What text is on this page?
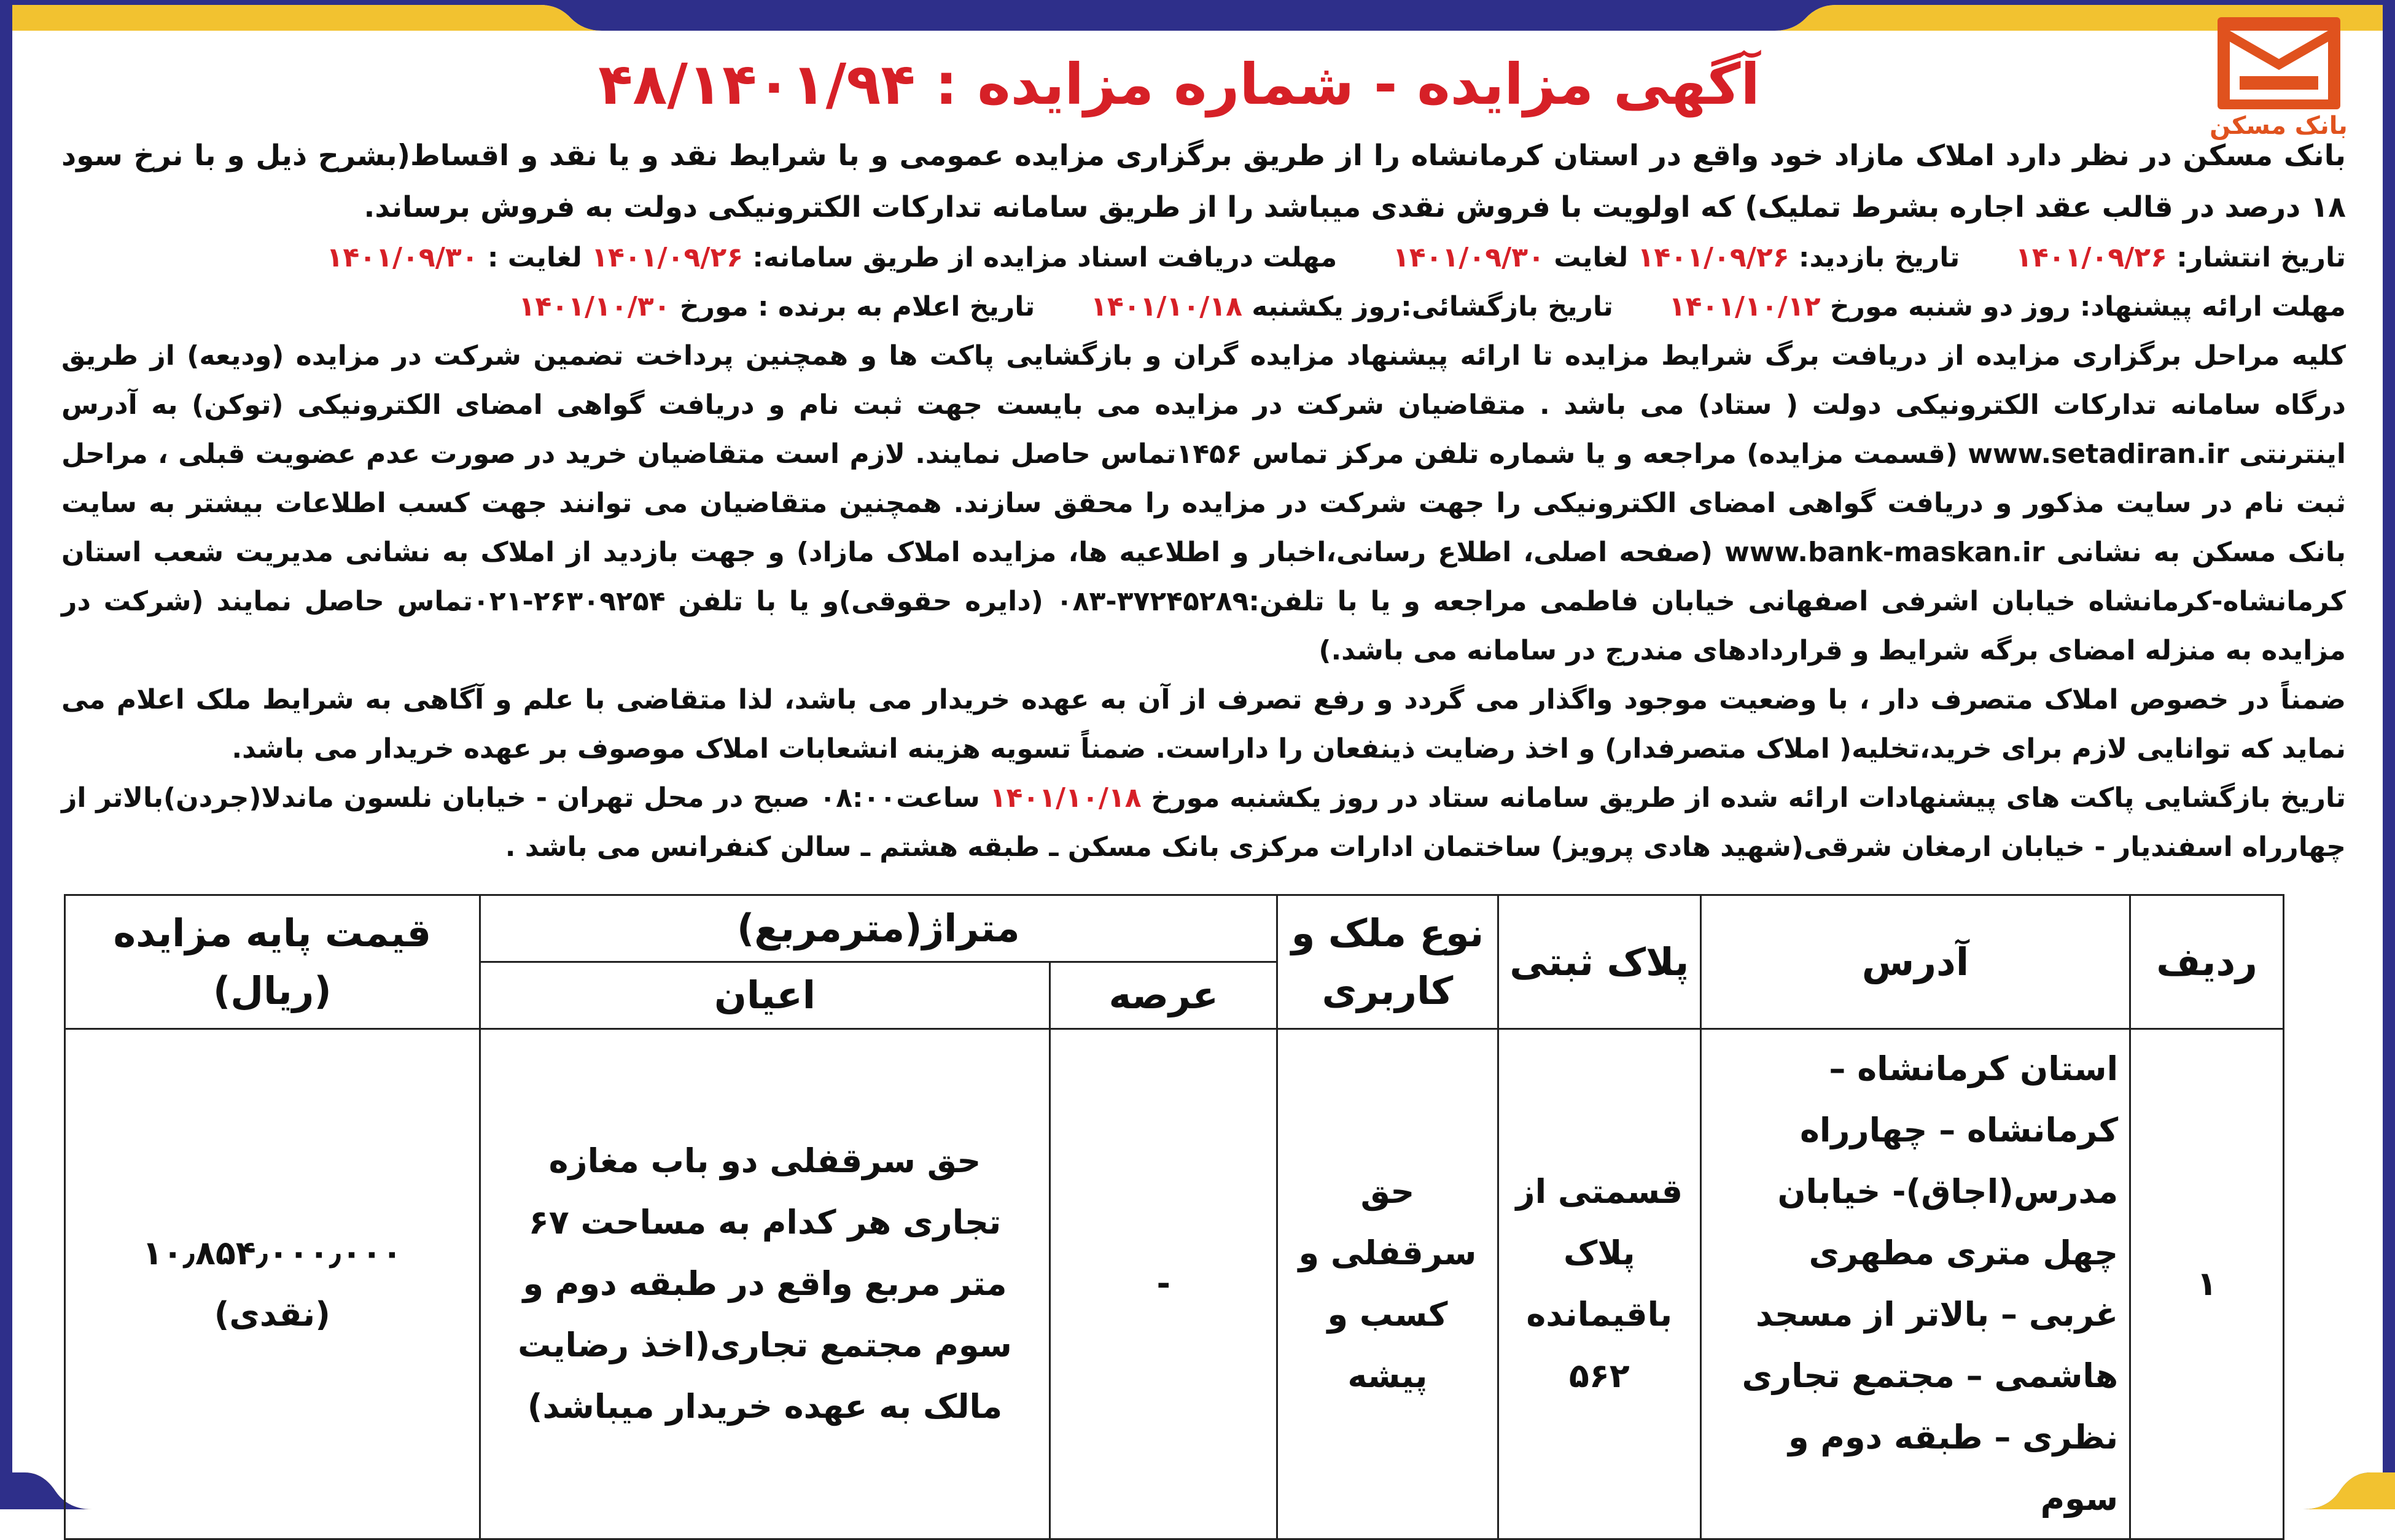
بانک مسکن
آگهی مزایده - شماره مزایده : ۴۸/۱۴۰۱/۹۴

بانک مسکن در نظر دارد املاک مازاد خود واقع در استان کرمانشاه را از طریق برگزاری مزایده عمومی و با شرایط نقد و یا نقد و اقساط(بشرح ذیل و با نرخ سود ۱۸ درصد در قالب عقد اجاره بشرط تملیک) که اولویت با فروش نقدی میباشد را از طریق سامانه تدارکات الکترونیکی دولت به فروش برساند.

تاریخ انتشار: ۱۴۰۱/۰۹/۲۶  تاریخ بازدید: ۱۴۰۱/۰۹/۲۶ لغایت ۱۴۰۱/۰۹/۳۰  مهلت دریافت اسناد مزایده از طریق سامانه: ۱۴۰۱/۰۹/۲۶ لغایت : ۱۴۰۱/۰۹/۳۰

مهلت ارائه پیشنهاد: روز دو شنبه مورخ ۱۴۰۱/۱۰/۱۲  تاریخ بازگشائی:روز یکشنبه ۱۴۰۱/۱۰/۱۸  تاریخ اعلام به برنده : مورخ ۱۴۰۱/۱۰/۳۰

کلیه مراحل برگزاری مزایده از دریافت برگ شرایط مزایده تا ارائه پیشنهاد مزایده گران و بازگشایی پاکت ها و همچنین پرداخت تضمین شرکت در مزایده (ودیعه) از طریق درگاه سامانه تدارکات الکترونیکی دولت ( ستاد) می باشد . متقاضیان شرکت در مزایده می بایست جهت ثبت نام و دریافت گواهی امضای الکترونیکی (توکن) به آدرس اینترنتی www.setadiran.ir (قسمت مزایده) مراجعه و یا شماره تلفن مرکز تماس ۱۴۵۶تماس حاصل نمایند. لازم است متقاضیان خرید در صورت عدم عضویت قبلی ، مراحل ثبت نام در سایت مذکور و دریافت گواهی امضای الکترونیکی را جهت شرکت در مزایده را محقق سازند. همچنین متقاضیان می توانند جهت کسب اطلاعات بیشتر به سایت بانک مسکن به نشانی www.bank-maskan.ir (صفحه اصلی، اطلاع رسانی،اخبار و اطلاعیه ها، مزایده املاک مازاد) و جهت بازدید از املاک به نشانی مدیریت شعب استان کرمانشاه-کرمانشاه خیابان اشرفی اصفهانی خیابان فاطمی مراجعه و یا با تلفن:۳۷۲۴۵۲۸۹-۰۸۳ (دایره حقوقی)و یا با تلفن ۲۶۳۰۹۲۵۴-۰۲۱تماس حاصل نمایند (شرکت در مزایده به منزله امضای برگه شرایط و قراردادهای مندرج در سامانه می باشد.)

ضمناً در خصوص املاک متصرف دار ، با وضعیت موجود واگذار می گردد و رفع تصرف از آن به عهده خریدار می باشد، لذا متقاضی با علم و آگاهی به شرایط ملک اعلام می نماید که توانایی لازم برای خرید،تخلیه( املاک متصرفدار) و اخذ رضایت ذینفعان را داراست. ضمناً تسویه هزینه انشعابات املاک موصوف بر عهده خریدار می باشد.

تاریخ بازگشایی پاکت های پیشنهادات ارائه شده از طریق سامانه ستاد در روز یکشنبه مورخ ۱۴۰۱/۱۰/۱۸ ساعت۰۸:۰۰ صبح در محل تهران - خیابان نلسون ماندلا(جردن)بالاتر از چهارراه اسفندیار - خیابان ارمغان شرقی(شهید هادی پرویز) ساختمان ادارات مرکزی بانک مسکن ـ طبقه هشتم ـ سالن کنفرانس می باشد .

ردیف	آدرس	پلاک ثبتی	نوع ملک و کاربری	متراژ(مترمربع)		قیمت پایه مزایده (ریال)
				عرصه	اعیان	
۱	استان کرمانشاه – کرمانشاه – چهارراه مدرس(اجاق)- خیابان چهل متری مطهری غربی – بالاتر از مسجد هاشمی – مجتمع تجاری نظری – طبقه دوم و سوم	قسمتی از پلاک باقیمانده ۵۶۲	حق سرقفلی و کسب و پیشه	-	حق سرقفلی دو باب مغازه تجاری هر کدام به مساحت ۶۷ متر مربع واقع در طبقه دوم و سوم مجتمع تجاری(اخذ رضایت مالک به عهده خریدار میباشد)	۱۰٫۸۵۴٫۰۰۰٫۰۰۰
(نقدی)
